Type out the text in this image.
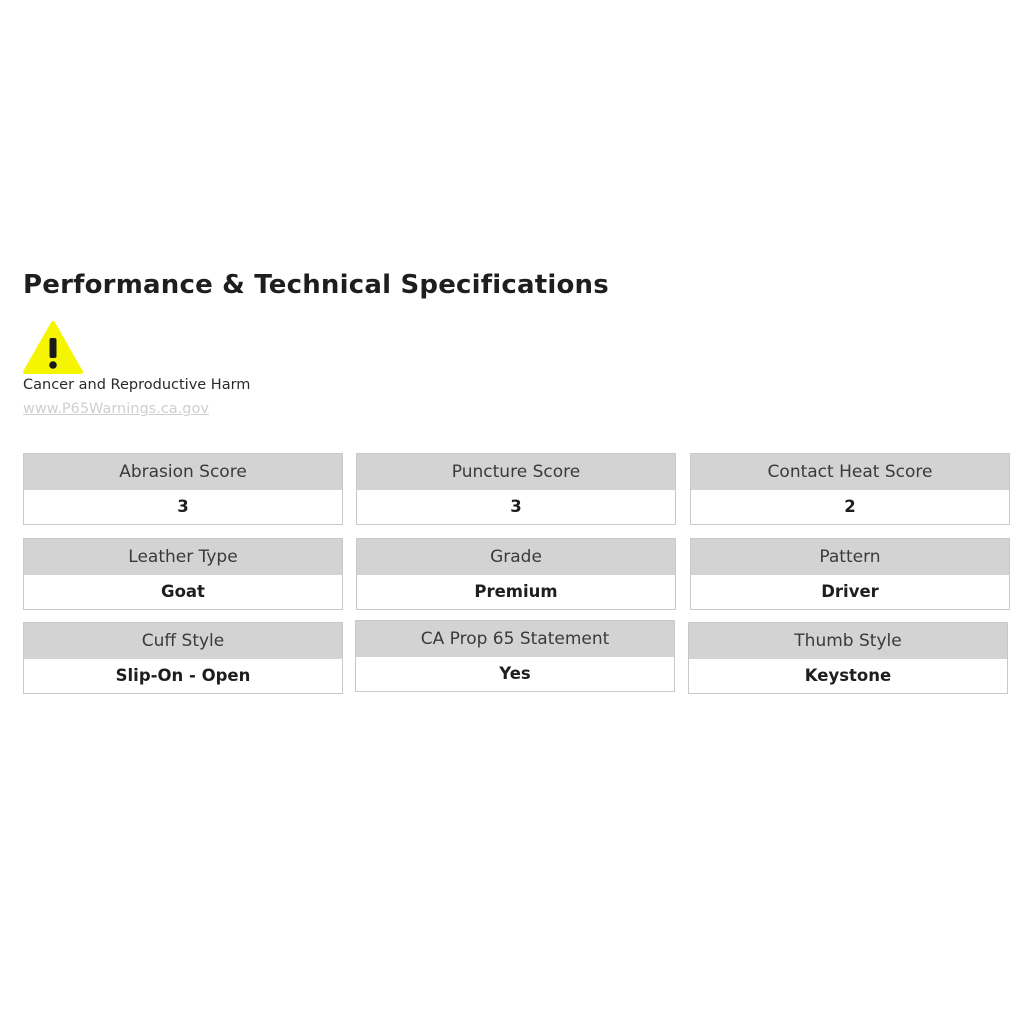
Performance & Technical Specifications
Cancer and Reproductive Harm
www.P65Warnings.ca.gov
Abrasion Score
3
Puncture Score
3
Contact Heat Score
2
Leather Type
Goat
Grade
Premium
Pattern
Driver
Cuff Style
Slip-On - Open
CA Prop 65 Statement
Yes
Thumb Style
Keystone
